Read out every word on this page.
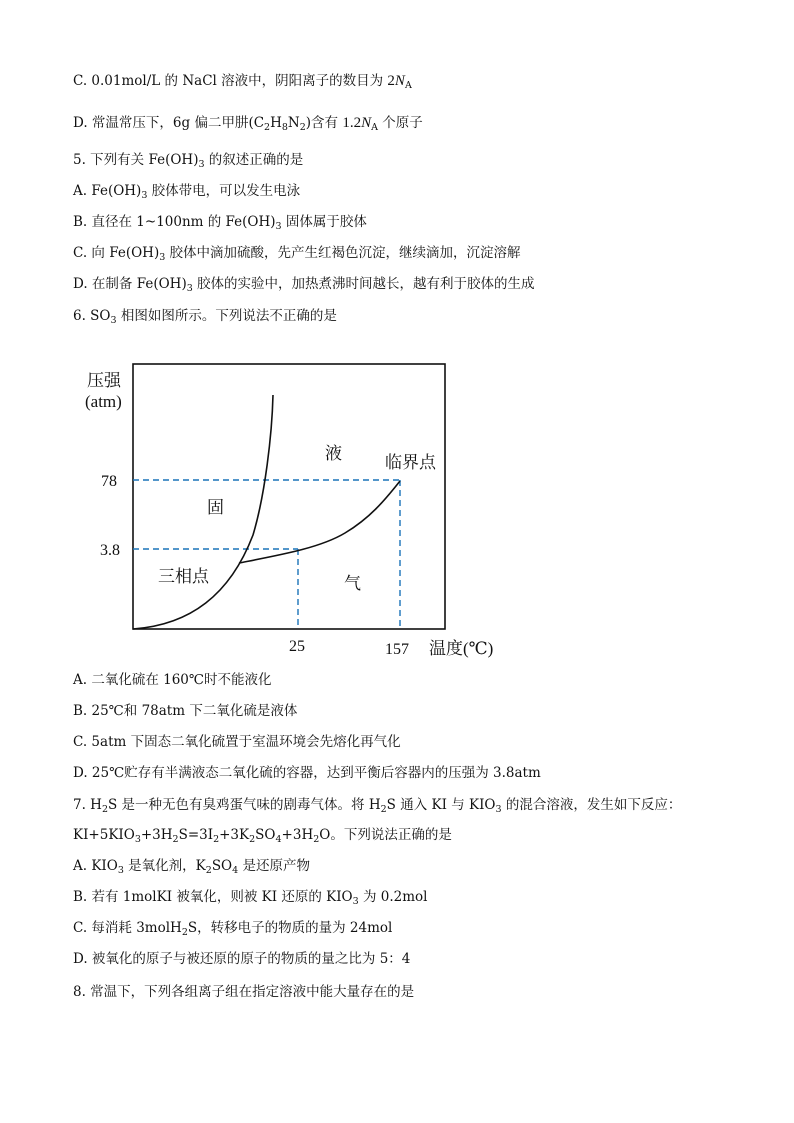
C. 0.01mol/L 的 NaCl 溶液中，阴阳离子的数目为 $2N_A$
D. 常温常压下，6g 偏二甲肼$(C_2H_8N_2)$含有 $1.2N_A$ 个原子
5. 下列有关 $Fe(OH)_3$ 的叙述正确的是
A. $Fe(OH)_3$ 胶体带电，可以发生电泳
B. 直径在 1~100nm 的 $Fe(OH)_3$ 固体属于胶体
C. 向 $Fe(OH)_3$ 胶体中滴加硫酸，先产生红褐色沉淀，继续滴加，沉淀溶解
D. 在制备 $Fe(OH)_3$ 胶体的实验中，加热煮沸时间越长，越有利于胶体的生成
6. $SO_3$ 相图如图所示。下列说法不正确的是
压强
(atm)
78
3.8
25	157 温度(℃)
固
液
气
三相点
临界点
A. 二氧化硫在 160℃时不能液化
B. 25℃和 78atm 下二氧化硫是液体
C. 5atm 下固态二氧化硫置于室温环境会先熔化再气化
D. 25℃贮存有半满液态二氧化硫的容器，达到平衡后容器内的压强为 3.8atm
7. $H_2S$ 是一种无色有臭鸡蛋气味的剧毒气体。将 $H_2S$ 通入 KI 与 $KIO_3$ 的混合溶液，发生如下反应：
$KI+5KIO_3+3H_2S=3I_2+3K_2SO_4+3H_2O$。下列说法正确的是
A. $KIO_3$ 是氧化剂，$K_2SO_4$ 是还原产物
B. 若有 1molKI 被氧化，则被 KI 还原的 $KIO_3$ 为 0.2mol
C. 每消耗 3molH$_2$S，转移电子的物质的量为 24mol
D. 被氧化的原子与被还原的原子的物质的量之比为 5：4
8. 常温下，下列各组离子组在指定溶液中能大量存在的是
